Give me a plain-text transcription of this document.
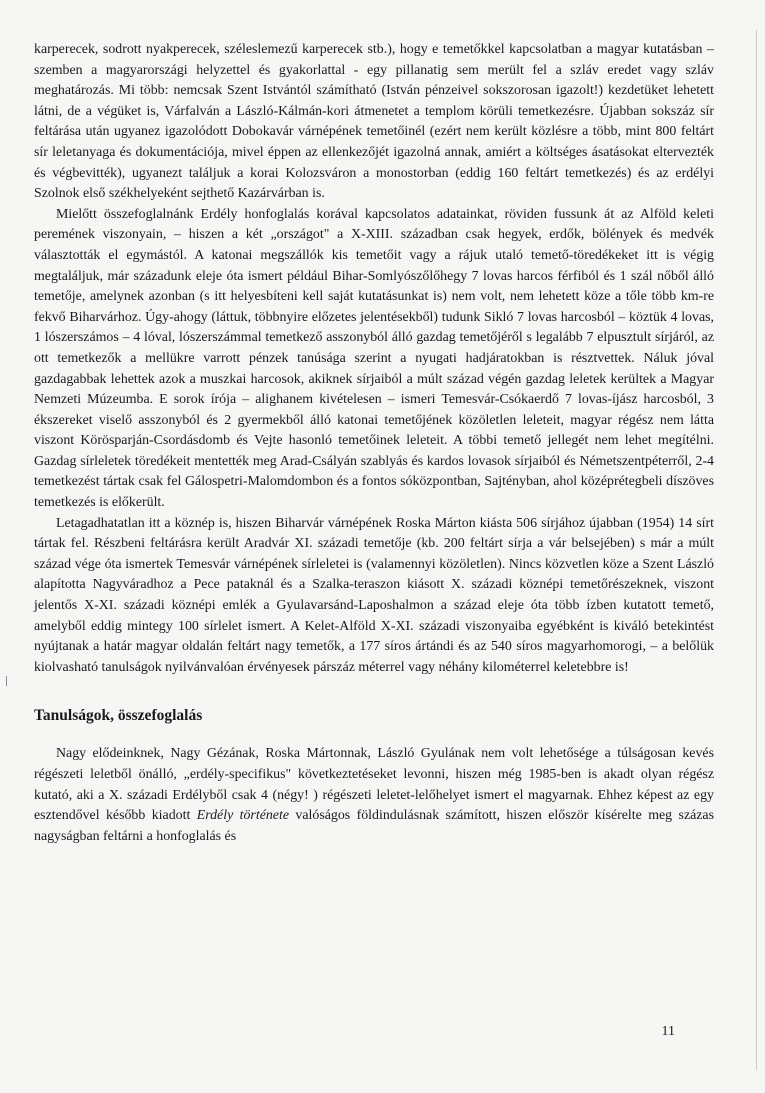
karperecek, sodrott nyakperecek, széleslemezű karperecek stb.), hogy e temetőkkel kapcsolatban a magyar kutatásban – szemben a magyarországi helyzettel és gyakorlattal - egy pillanatig sem merült fel a szláv eredet vagy szláv meghatározás. Mi több: nemcsak Szent Istvántól számítható (István pénzeivel sokszorosan igazolt!) kezdetüket lehetett látni, de a végüket is, Várfalván a László-Kálmán-kori átmenetet a templom körüli temetkezésre. Újabban sokszáz sír feltárása után ugyanez igazolódott Dobokavár várnépének temetőinél (ezért nem került közlésre a több, mint 800 feltárt sír leletanyaga és dokumentációja, mivel éppen az ellenkezőjét igazolná annak, amiért a költséges ásatásokat eltervezték és végbevitték), ugyanezt találjuk a korai Kolozsváron a monostorban (eddig 160 feltárt temetkezés) és az erdélyi Szolnok első székhelyeként sejthető Kazárvárban is.

Mielőtt összefoglalnánk Erdély honfoglalás korával kapcsolatos adatainkat, röviden fussunk át az Alföld keleti peremének viszonyain, – hiszen a két „országot" a X-XIII. században csak hegyek, erdők, bölények és medvék választották el egymástól. A katonai megszállók kis temetőit vagy a rájuk utaló temető-töredékeket itt is végig megtaláljuk, már századunk eleje óta ismert például Bihar-Somlyószőlőhegy 7 lovas harcos férfiból és 1 szál nőből álló temetője, amelynek azonban (s itt helyesbíteni kell saját kutatásunkat is) nem volt, nem lehetett köze a tőle több km-re fekvő Biharvárhoz. Úgy-ahogy (láttuk, többnyire előzetes jelentésekből) tudunk Sikló 7 lovas harcosból – köztük 4 lovas, 1 lószerszámos – 4 lóval, lószerszámmal temetkező asszonyból álló gazdag temetőjéről s legalább 7 elpusztult sírjáról, az ott temetkezők a mellükre varrott pénzek tanúsága szerint a nyugati hadjáratokban is résztvettek. Náluk jóval gazdagabbak lehettek azok a muszkai harcosok, akiknek sírjaiból a múlt század végén gazdag leletek kerültek a Magyar Nemzeti Múzeumba. E sorok írója – alighanem kivételesen – ismeri Temesvár-Csókaerdő 7 lovas-íjász harcosból, 3 ékszereket viselő asszonyból és 2 gyermekből álló katonai temetőjének közöletlen leleteit, magyar régész nem látta viszont Körösparján-Csordásdomb és Vejte hasonló temetőinek leleteit. A többi temető jellegét nem lehet megítélni. Gazdag sírleletek töredékeit mentették meg Arad-Csályán szablyás és kardos lovasok sírjaiból és Németszentpéterről, 2-4 temetkezést tártak csak fel Gálospetri-Malomdombon és a fontos sóközpontban, Sajtényban, ahol középrétegbeli díszöves temetkezés is előkerült.

Letagadhatatlan itt a köznép is, hiszen Biharvár várnépének Roska Márton kiásta 506 sírjához újabban (1954) 14 sírt tártak fel. Részbeni feltárásra került Aradvár XI. századi temetője (kb. 200 feltárt sírja a vár belsejében) s már a múlt század vége óta ismertek Temesvár várnépének sírleletei is (valamennyi közöletlen). Nincs közvetlen köze a Szent László alapította Nagyváradhoz a Pece pataknál és a Szalka-teraszon kiásott X. századi köznépi temetőrészeknek, viszont jelentős X-XI. századi köznépi emlék a Gyulavarsánd-Laposhalmon a század eleje óta több ízben kutatott temető, amelyből eddig mintegy 100 sírlelet ismert. A Kelet-Alföld X-XI. századi viszonyaiba egyébként is kiváló betekintést nyújtanak a határ magyar oldalán feltárt nagy temetők, a 177 síros ártándi és az 540 síros magyarhomorogi, – a belőlük kiolvasható tanulságok nyilvánvalóan érvényesek párszáz méterrel vagy néhány kilométerrel keletebbre is!

Tanulságok, összefoglalás

Nagy elődeinknek, Nagy Gézának, Roska Mártonnak, László Gyulának nem volt lehetősége a túlságosan kevés régészeti leletből önálló, „erdély-specifikus" következtetéseket levonni, hiszen még 1985-ben is akadt olyan régész kutató, aki a X. századi Erdélyből csak 4 (négy! ) régészeti leletet-lelőhelyet ismert el magyarnak. Ehhez képest az egy esztendővel később kiadott Erdély története valóságos földindulásnak számított, hiszen először kísérelte meg százas nagyságban feltárni a honfoglalás és

11
